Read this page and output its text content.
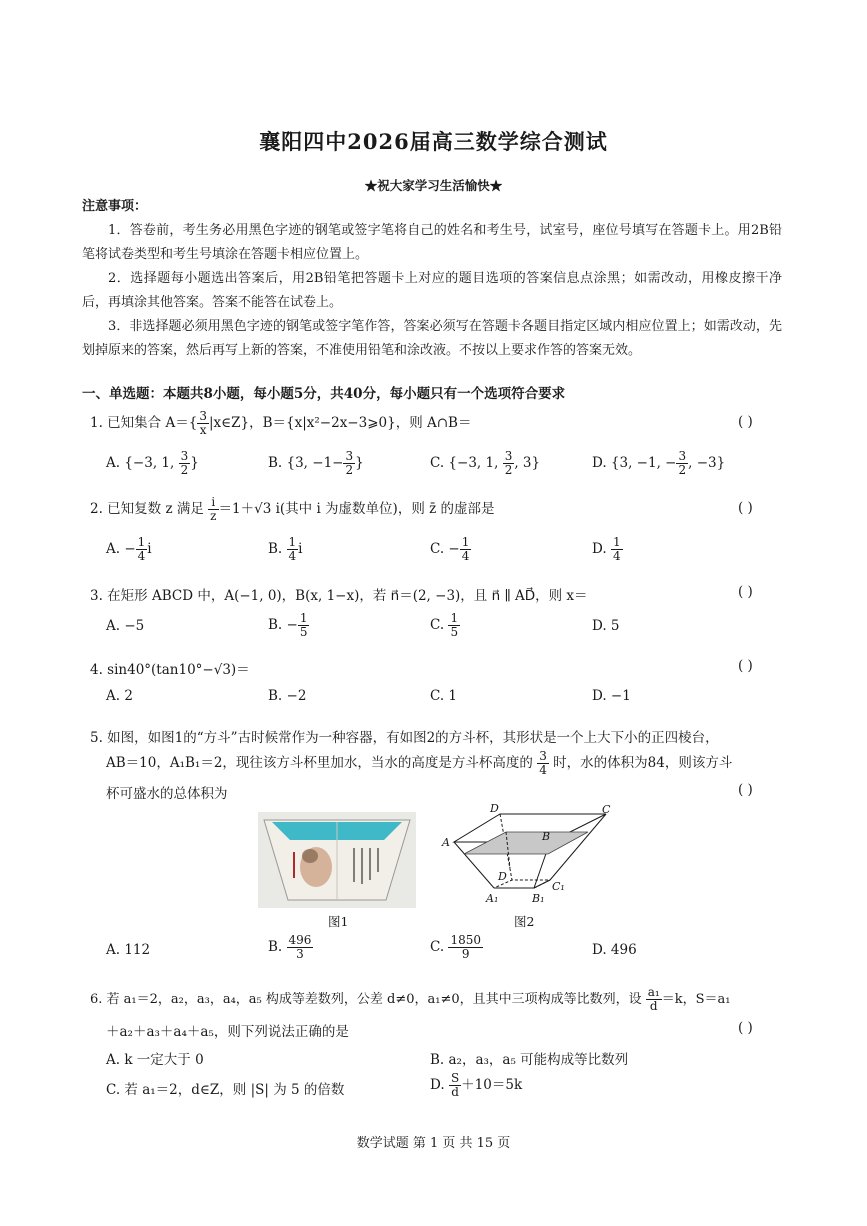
襄阳四中2026届高三数学综合测试
★祝大家学习生活愉快★
注意事项：
1．答卷前，考生务必用黑色字迹的钢笔或签字笔将自己的姓名和考生号，试室号，座位号填写在答题卡上。用2B铅笔将试卷类型和考生号填涂在答题卡相应位置上。
2．选择题每小题选出答案后，用2B铅笔把答题卡上对应的题目选项的答案信息点涂黑；如需改动，用橡皮擦干净后，再填涂其他答案。答案不能答在试卷上。
3．非选择题必须用黑色字迹的钢笔或签字笔作答，答案必须写在答题卡各题目指定区域内相应位置上；如需改动，先划掉原来的答案，然后再写上新的答案，不准使用铅笔和涂改液。不按以上要求作答的答案无效。
一、单选题：本题共8小题，每小题5分，共40分，每小题只有一个选项符合要求
1. 已知集合 $A=\{ \frac{3}{x}$ |x∈Z}，B＝{x|x²−2x−3⩾0}，则 A∩B＝	( )
A. {−3, 1, $\frac{3}{2}$ }	B. {3, $-1- \frac{3}{2}$ }	C. {−3, 1, $\frac{3}{2}$ , 3}	D. {3, −1, − $\frac{3}{2}$ , −3}
2. 已知复数 z 满足 $\frac{i}{z} =1+√3$ i(其中 i 为虚数单位)，则 z̄ 的虚部是	( )
A. − $\frac{1}{4}$ i	B. $\frac{1}{4}$ i	C. − $\frac{1}{4}$	D. $\frac{1}{4}$
3. 在矩形 ABCD 中，A(−1, 0)，B(x, 1−x)，若 n⃗＝(2, −3)，且 n⃗ ∥ AD⃗，则 x＝	( )
A. −5	B. − $\frac{1}{5}$	C. $\frac{1}{5}$	D. 5
4. sin40°(tan10°−√3)＝	( )
A. 2	B. −2	C. 1	D. −1
5. 如图，如图1的“方斗”古时候常作为一种容器，有如图2的方斗杯，其形状是一个上大下小的正四棱台，
AB＝10，A₁B₁＝2，现往该方斗杯里加水，当水的高度是方斗杯高度的 $\frac{3}{4}$ 时，水的体积为84，则该方斗
杯可盛水的总体积为	( )
图1
D	C
A	B
D
C₁
A₁	B₁
图2
A. 112	B. $\frac{496}{3}$	C. $\frac{1850}{9}$	D. 496
6. 若 a₁＝2，a₂，a₃，a₄，a₅ 构成等差数列，公差 d≠0，a₁≠0，且其中三项构成等比数列，设 $\frac{\text{a₁}}{d} =k$，S＝a₁
＋a₂＋a₃＋a₄＋a₅，则下列说法正确的是	( )
A. k 一定大于 0	B. a₂，a₃，a₅ 可能构成等比数列
C. 若 a₁＝2，d∈Z，则 |S| 为 5 的倍数	D. $\frac{S}{d} +10=5k$
数学试题 第 1 页 共 15 页
